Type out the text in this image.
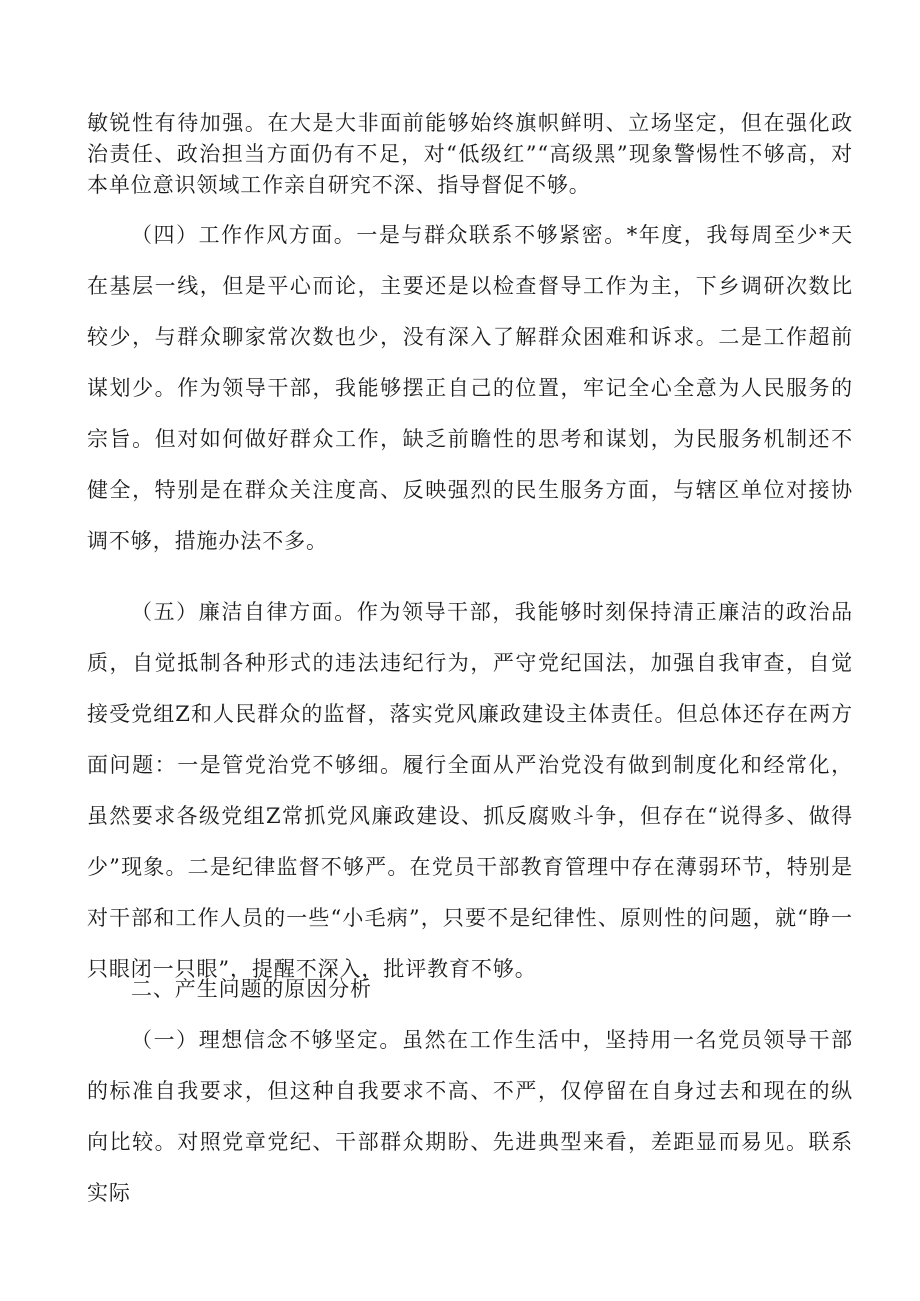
敏锐性有待加强。在大是大非面前能够始终旗帜鲜明、立场坚定，但在强化政治责任、政治担当方面仍有不足，对“低级红”“高级黑”现象警惕性不够高，对本单位意识领域工作亲自研究不深、指导督促不够。

（四）工作作风方面。一是与群众联系不够紧密。*年度，我每周至少*天在基层一线，但是平心而论，主要还是以检查督导工作为主，下乡调研次数比较少，与群众聊家常次数也少，没有深入了解群众困难和诉求。二是工作超前谋划少。作为领导干部，我能够摆正自己的位置，牢记全心全意为人民服务的宗旨。但对如何做好群众工作，缺乏前瞻性的思考和谋划，为民服务机制还不健全，特别是在群众关注度高、反映强烈的民生服务方面，与辖区单位对接协调不够，措施办法不多。

（五）廉洁自律方面。作为领导干部，我能够时刻保持清正廉洁的政治品质，自觉抵制各种形式的违法违纪行为，严守党纪国法，加强自我审查，自觉接受党组Z和人民群众的监督，落实党风廉政建设主体责任。但总体还存在两方面问题：一是管党治党不够细。履行全面从严治党没有做到制度化和经常化，虽然要求各级党组Z常抓党风廉政建设、抓反腐败斗争，但存在“说得多、做得少”现象。二是纪律监督不够严。在党员干部教育管理中存在薄弱环节，特别是对干部和工作人员的一些“小毛病”，只要不是纪律性、原则性的问题，就“睁一只眼闭一只眼”，提醒不深入，批评教育不够。

二、产生问题的原因分析

（一）理想信念不够坚定。虽然在工作生活中，坚持用一名党员领导干部的标准自我要求，但这种自我要求不高、不严，仅停留在自身过去和现在的纵向比较。对照党章党纪、干部群众期盼、先进典型来看，差距显而易见。联系实际
